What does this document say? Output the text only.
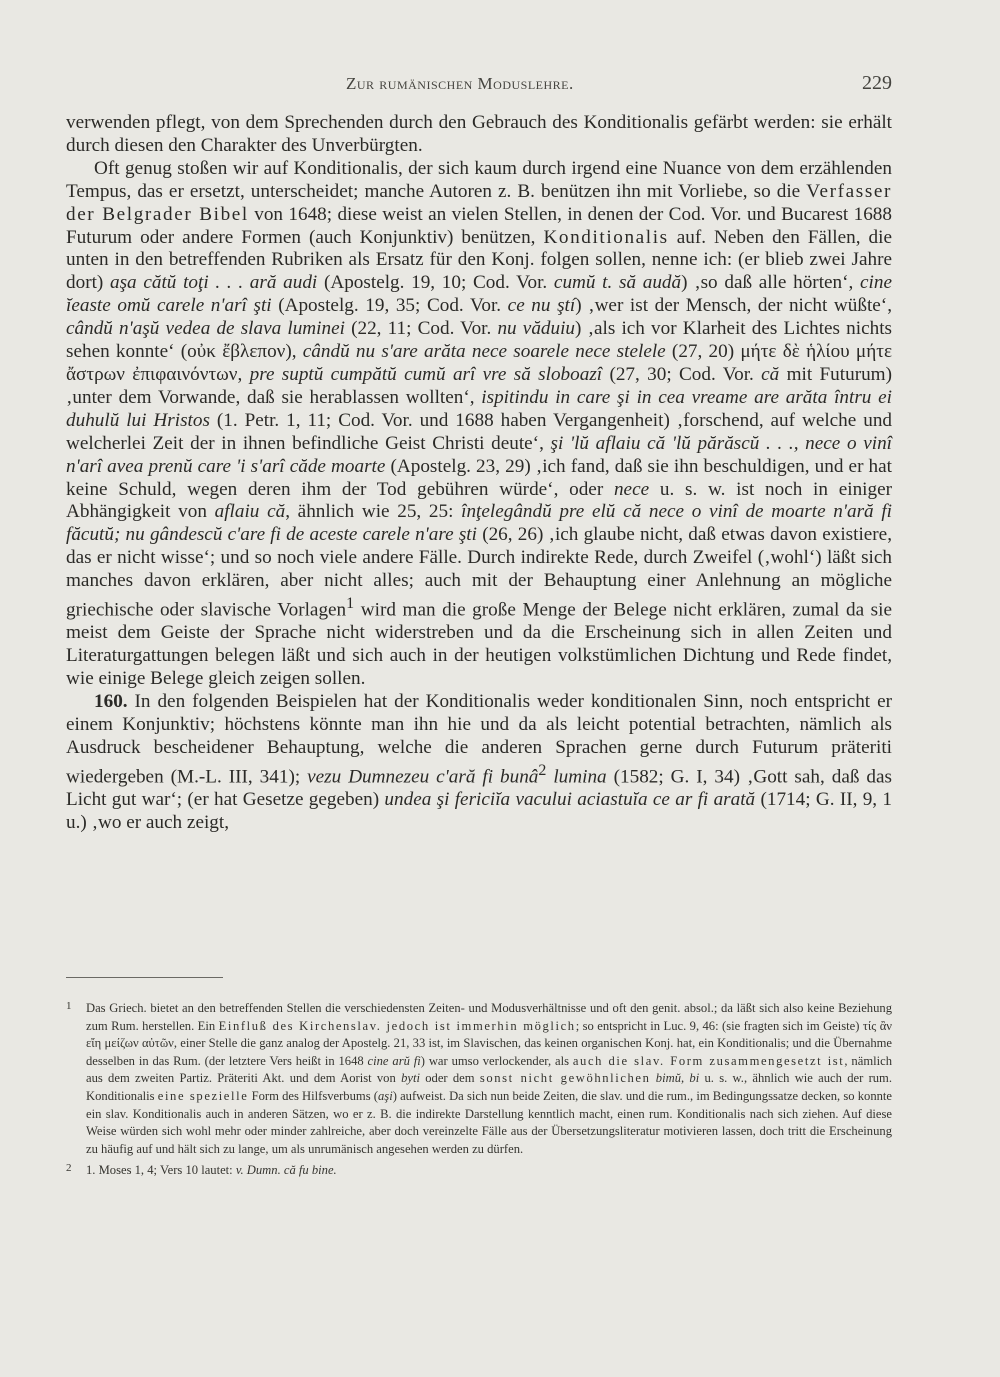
Zur rumänischen Moduslehre.	229

verwenden pflegt, von dem Sprechenden durch den Gebrauch des Konditionalis gefärbt werden: sie erhält durch diesen den Charakter des Unverbürgten.

Oft genug stoßen wir auf Konditionalis, der sich kaum durch irgend eine Nuance von dem erzählenden Tempus, das er ersetzt, unterscheidet; manche Autoren z. B. benützen ihn mit Vorliebe, so die Verfasser der Belgrader Bibel von 1648; diese weist an vielen Stellen, in denen der Cod. Vor. und Bucarest 1688 Futurum oder andere Formen (auch Konjunktiv) benützen, Konditionalis auf. Neben den Fällen, die unten in den betreffenden Rubriken als Ersatz für den Konj. folgen sollen, nenne ich: (er blieb zwei Jahre dort) aşa cătŭ toţi . . . ară audi (Apostelg. 19, 10; Cod. Vor. cumŭ t. să audă) ‚so daß alle hörten‘, cine ĭeaste omŭ carele n'arî şti (Apostelg. 19, 35; Cod. Vor. ce nu ştí) ‚wer ist der Mensch, der nicht wüßte‘, cândŭ n'aşŭ vedea de slava luminei (22, 11; Cod. Vor. nu văduiu) ‚als ich vor Klarheit des Lichtes nichts sehen konnte‘ (οὐκ ἔβλεπον), cândŭ nu s'are arăta nece soarele nece stelele (27, 20) μήτε δὲ ἡλίου μήτε ἄστρων ἐπιφαινόντων, pre suptŭ cumpătŭ cumŭ arî vre să sloboazî (27, 30; Cod. Vor. că mit Futurum) ‚unter dem Vorwande, daß sie herablassen wollten‘, ispitindu in care şi in cea vreame are arăta întru ei duhulŭ lui Hristos (1. Petr. 1, 11; Cod. Vor. und 1688 haben Vergangenheit) ‚forschend, auf welche und welcherlei Zeit der in ihnen befindliche Geist Christi deute‘, şi 'lŭ aflaiu că 'lŭ părăscŭ . . ., nece o vinî n'arî avea prenŭ care 'i s'arî căde moarte (Apostelg. 23, 29) ‚ich fand, daß sie ihn beschuldigen, und er hat keine Schuld, wegen deren ihm der Tod gebühren würde‘, oder nece u. s. w. ist noch in einiger Abhängigkeit von aflaiu că, ähnlich wie 25, 25: înţelegândŭ pre elŭ că nece o vinî de moarte n'ară fi făcutŭ; nu gândescŭ c'are fi de aceste carele n'are şti (26, 26) ‚ich glaube nicht, daß etwas davon existiere, das er nicht wisse‘; und so noch viele andere Fälle. Durch indirekte Rede, durch Zweifel (‚wohl‘) läßt sich manches davon erklären, aber nicht alles; auch mit der Behauptung einer Anlehnung an mögliche griechische oder slavische Vorlagen$^1$ wird man die große Menge der Belege nicht erklären, zumal da sie meist dem Geiste der Sprache nicht widerstreben und da die Erscheinung sich in allen Zeiten und Literaturgattungen belegen läßt und sich auch in der heutigen volkstümlichen Dichtung und Rede findet, wie einige Belege gleich zeigen sollen.

160. In den folgenden Beispielen hat der Konditionalis weder konditionalen Sinn, noch entspricht er einem Konjunktiv; höchstens könnte man ihn hie und da als leicht potential betrachten, nämlich als Ausdruck bescheidener Behauptung, welche die anderen Sprachen gerne durch Futurum präteriti wiedergeben (M.-L. III, 341); vezu Dumnezeu c'ară fi bunâ$^2$ lumina (1582; G. I, 34) ‚Gott sah, daß das Licht gut war‘; (er hat Gesetze gegeben) undea şi fericiĭa vacului aciastuĭa ce ar fi arată (1714; G. II, 9, 1 u.) ‚wo er auch zeigt,

1 Das Griech. bietet an den betreffenden Stellen die verschiedensten Zeiten- und Modusverhältnisse und oft den genit. absol.; da läßt sich also keine Beziehung zum Rum. herstellen. Ein Einfluß des Kirchenslav. jedoch ist immerhin möglich; so entspricht in Luc. 9, 46: (sie fragten sich im Geiste) τίς ἂν εἴη μείζων αὐτῶν, einer Stelle die ganz analog der Apostelg. 21, 33 ist, im Slavischen, das keinen organischen Konj. hat, ein Konditionalis; und die Übernahme desselben in das Rum. (der letztere Vers heißt in 1648 cine arŭ fi) war umso verlockender, als auch die slav. Form zusammengesetzt ist, nämlich aus dem zweiten Partiz. Präteriti Akt. und dem Aorist von byti oder dem sonst nicht gewöhnlichen bimŭ, bi u. s. w., ähnlich wie auch der rum. Konditionalis eine spezielle Form des Hilfsverbums (aşi) aufweist. Da sich nun beide Zeiten, die slav. und die rum., im Bedingungssatze decken, so konnte ein slav. Konditionalis auch in anderen Sätzen, wo er z. B. die indirekte Darstellung kenntlich macht, einen rum. Konditionalis nach sich ziehen. Auf diese Weise würden sich wohl mehr oder minder zahlreiche, aber doch vereinzelte Fälle aus der Übersetzungsliteratur motivieren lassen, doch tritt die Erscheinung zu häufig auf und hält sich zu lange, um als unrumänisch angesehen werden zu dürfen.

2 1. Moses 1, 4; Vers 10 lautet: v. Dumn. că fu bine.
